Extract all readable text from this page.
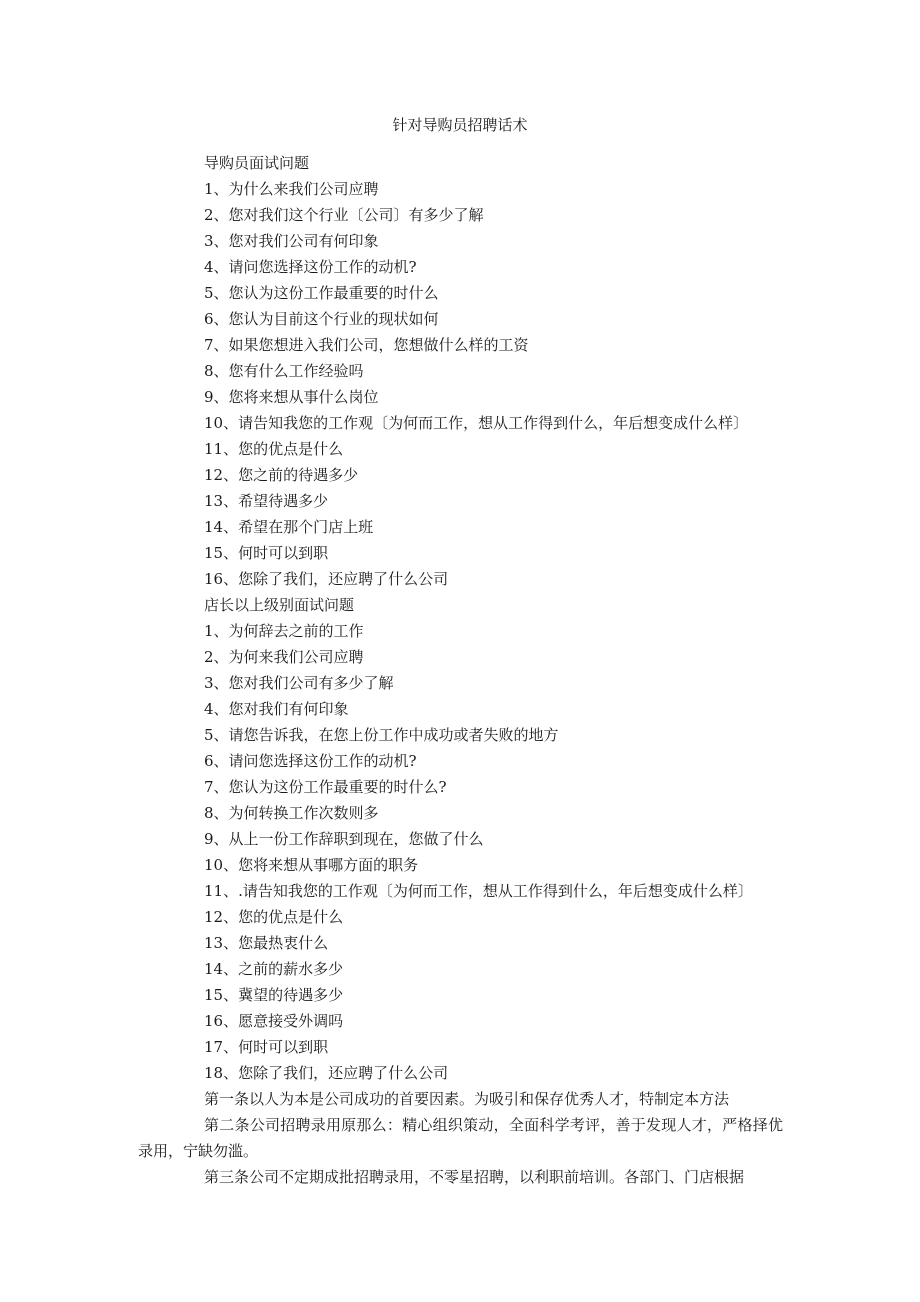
针对导购员招聘话术
导购员面试问题
1、为什么来我们公司应聘
2、您对我们这个行业〔公司〕有多少了解
3、您对我们公司有何印象
4、请问您选择这份工作的动机?
5、您认为这份工作最重要的时什么
6、您认为目前这个行业的现状如何
7、如果您想进入我们公司，您想做什么样的工资
8、您有什么工作经验吗
9、您将来想从事什么岗位
10、请告知我您的工作观〔为何而工作，想从工作得到什么，年后想变成什么样〕
11、您的优点是什么
12、您之前的待遇多少
13、希望待遇多少
14、希望在那个门店上班
15、何时可以到职
16、您除了我们，还应聘了什么公司
店长以上级别面试问题
1、为何辞去之前的工作
2、为何来我们公司应聘
3、您对我们公司有多少了解
4、您对我们有何印象
5、请您告诉我，在您上份工作中成功或者失败的地方
6、请问您选择这份工作的动机?
7、您认为这份工作最重要的时什么?
8、为何转换工作次数则多
9、从上一份工作辞职到现在，您做了什么
10、您将来想从事哪方面的职务
11、.请告知我您的工作观〔为何而工作，想从工作得到什么，年后想变成什么样〕
12、您的优点是什么
13、您最热衷什么
14、之前的薪水多少
15、冀望的待遇多少
16、愿意接受外调吗
17、何时可以到职
18、您除了我们，还应聘了什么公司
第一条以人为本是公司成功的首要因素。为吸引和保存优秀人才，特制定本方法
第二条公司招聘录用原那么：精心组织策动，全面科学考评，善于发现人才，严格择优录用，宁缺勿滥。
第三条公司不定期成批招聘录用，不零星招聘，以利职前培训。各部门、门店根据
